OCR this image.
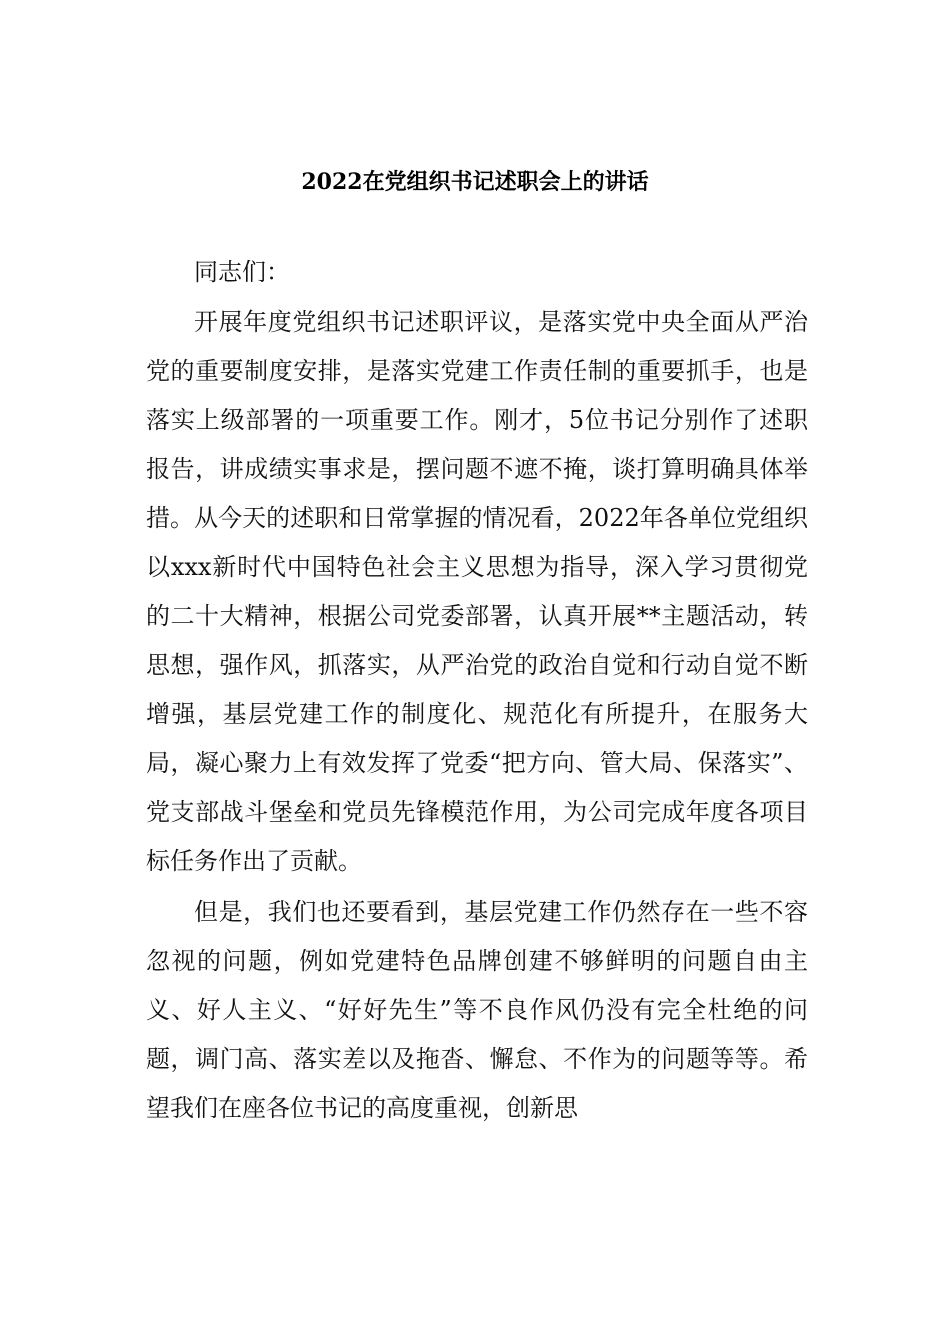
2022在党组织书记述职会上的讲话

同志们：

开展年度党组织书记述职评议，是落实党中央全面从严治党的重要制度安排，是落实党建工作责任制的重要抓手，也是落实上级部署的一项重要工作。刚才，5位书记分别作了述职报告，讲成绩实事求是，摆问题不遮不掩，谈打算明确具体举措。从今天的述职和日常掌握的情况看，2022年各单位党组织以xxx新时代中国特色社会主义思想为指导，深入学习贯彻党的二十大精神，根据公司党委部署，认真开展**主题活动，转思想，强作风，抓落实，从严治党的政治自觉和行动自觉不断增强，基层党建工作的制度化、规范化有所提升，在服务大局，凝心聚力上有效发挥了党委“把方向、管大局、保落实”、党支部战斗堡垒和党员先锋模范作用，为公司完成年度各项目标任务作出了贡献。

但是，我们也还要看到，基层党建工作仍然存在一些不容忽视的问题，例如党建特色品牌创建不够鲜明的问题自由主义、好人主义、“好好先生”等不良作风仍没有完全杜绝的问题，调门高、落实差以及拖沓、懈怠、不作为的问题等等。希望我们在座各位书记的高度重视，创新思
